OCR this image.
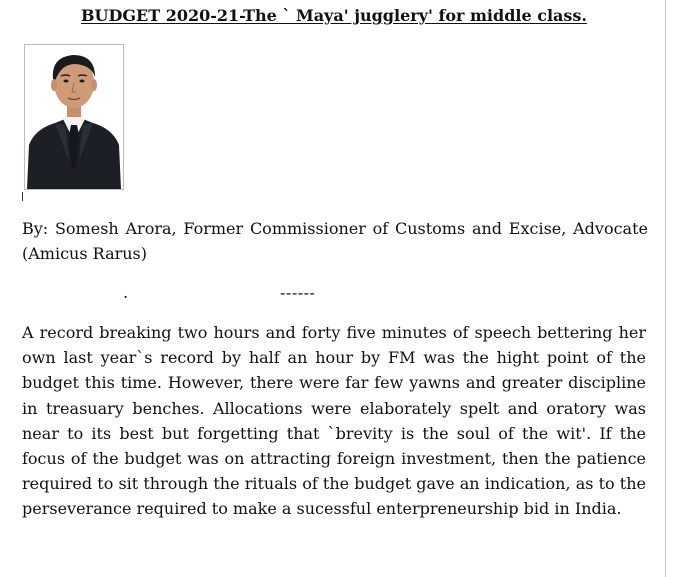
BUDGET 2020-21-The ` Maya' jugglery' for middle class.
By: Somesh Arora, Former Commissioner of Customs and Excise, Advocate (Amicus Rarus)
.	------
A record breaking two hours and forty five minutes of speech bettering her own last year`s record by half an hour by FM was the hight point of the budget this time. However, there were far few yawns and greater discipline in treasuary benches. Allocations were elaborately spelt and oratory was near to its best but forgetting that `brevity is the soul of the wit'. If the focus of the budget was on attracting foreign investment, then the patience required to sit through the rituals of the budget gave an indication, as to the perseverance required to make a sucessful enterpreneurship bid in India.
